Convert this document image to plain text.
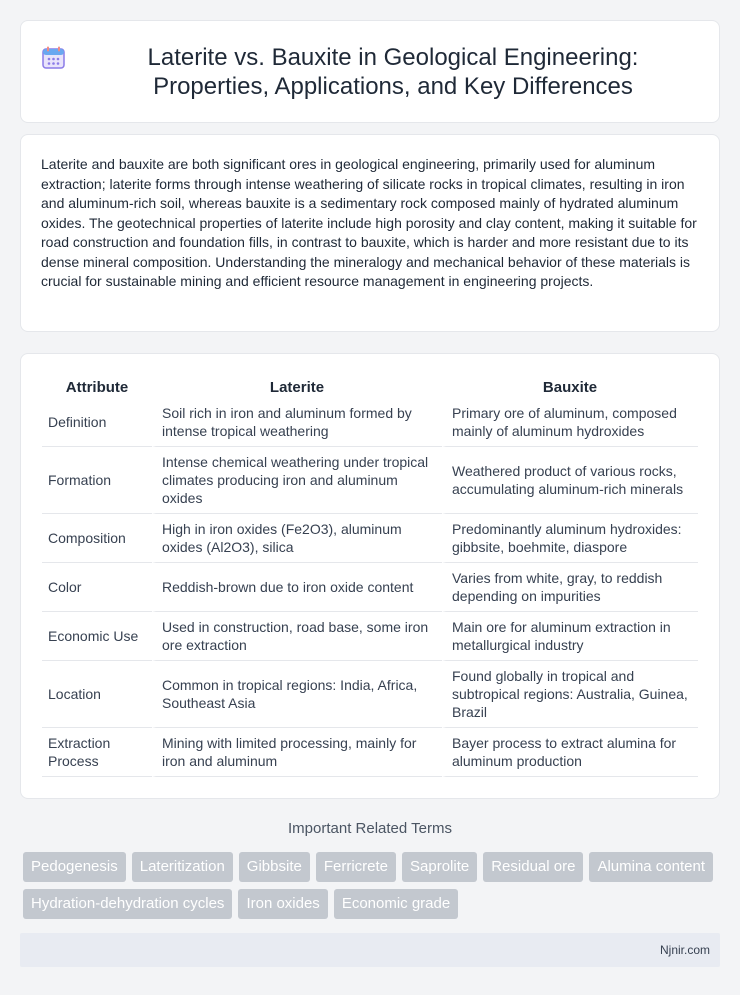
Laterite vs. Bauxite in Geological Engineering: Properties, Applications, and Key Differences

Laterite and bauxite are both significant ores in geological engineering, primarily used for aluminum extraction; laterite forms through intense weathering of silicate rocks in tropical climates, resulting in iron and aluminum-rich soil, whereas bauxite is a sedimentary rock composed mainly of hydrated aluminum oxides. The geotechnical properties of laterite include high porosity and clay content, making it suitable for road construction and foundation fills, in contrast to bauxite, which is harder and more resistant due to its dense mineral composition. Understanding the mineralogy and mechanical behavior of these materials is crucial for sustainable mining and efficient resource management in engineering projects.

Attribute	Laterite	Bauxite
Definition	Soil rich in iron and aluminum formed by intense tropical weathering	Primary ore of aluminum, composed mainly of aluminum hydroxides
Formation	Intense chemical weathering under tropical climates producing iron and aluminum oxides	Weathered product of various rocks, accumulating aluminum-rich minerals
Composition	High in iron oxides (Fe2O3), aluminum oxides (Al2O3), silica	Predominantly aluminum hydroxides: gibbsite, boehmite, diaspore
Color	Reddish-brown due to iron oxide content	Varies from white, gray, to reddish depending on impurities
Economic Use	Used in construction, road base, some iron ore extraction	Main ore for aluminum extraction in metallurgical industry
Location	Common in tropical regions: India, Africa, Southeast Asia	Found globally in tropical and subtropical regions: Australia, Guinea, Brazil
Extraction Process	Mining with limited processing, mainly for iron and aluminum	Bayer process to extract alumina for aluminum production
Important Related Terms
Pedogenesis	Lateritization	Gibbsite	Ferricrete	Saprolite	Residual ore	Alumina content
Hydration-dehydration cycles	Iron oxides	Economic grade
Njnir.com
